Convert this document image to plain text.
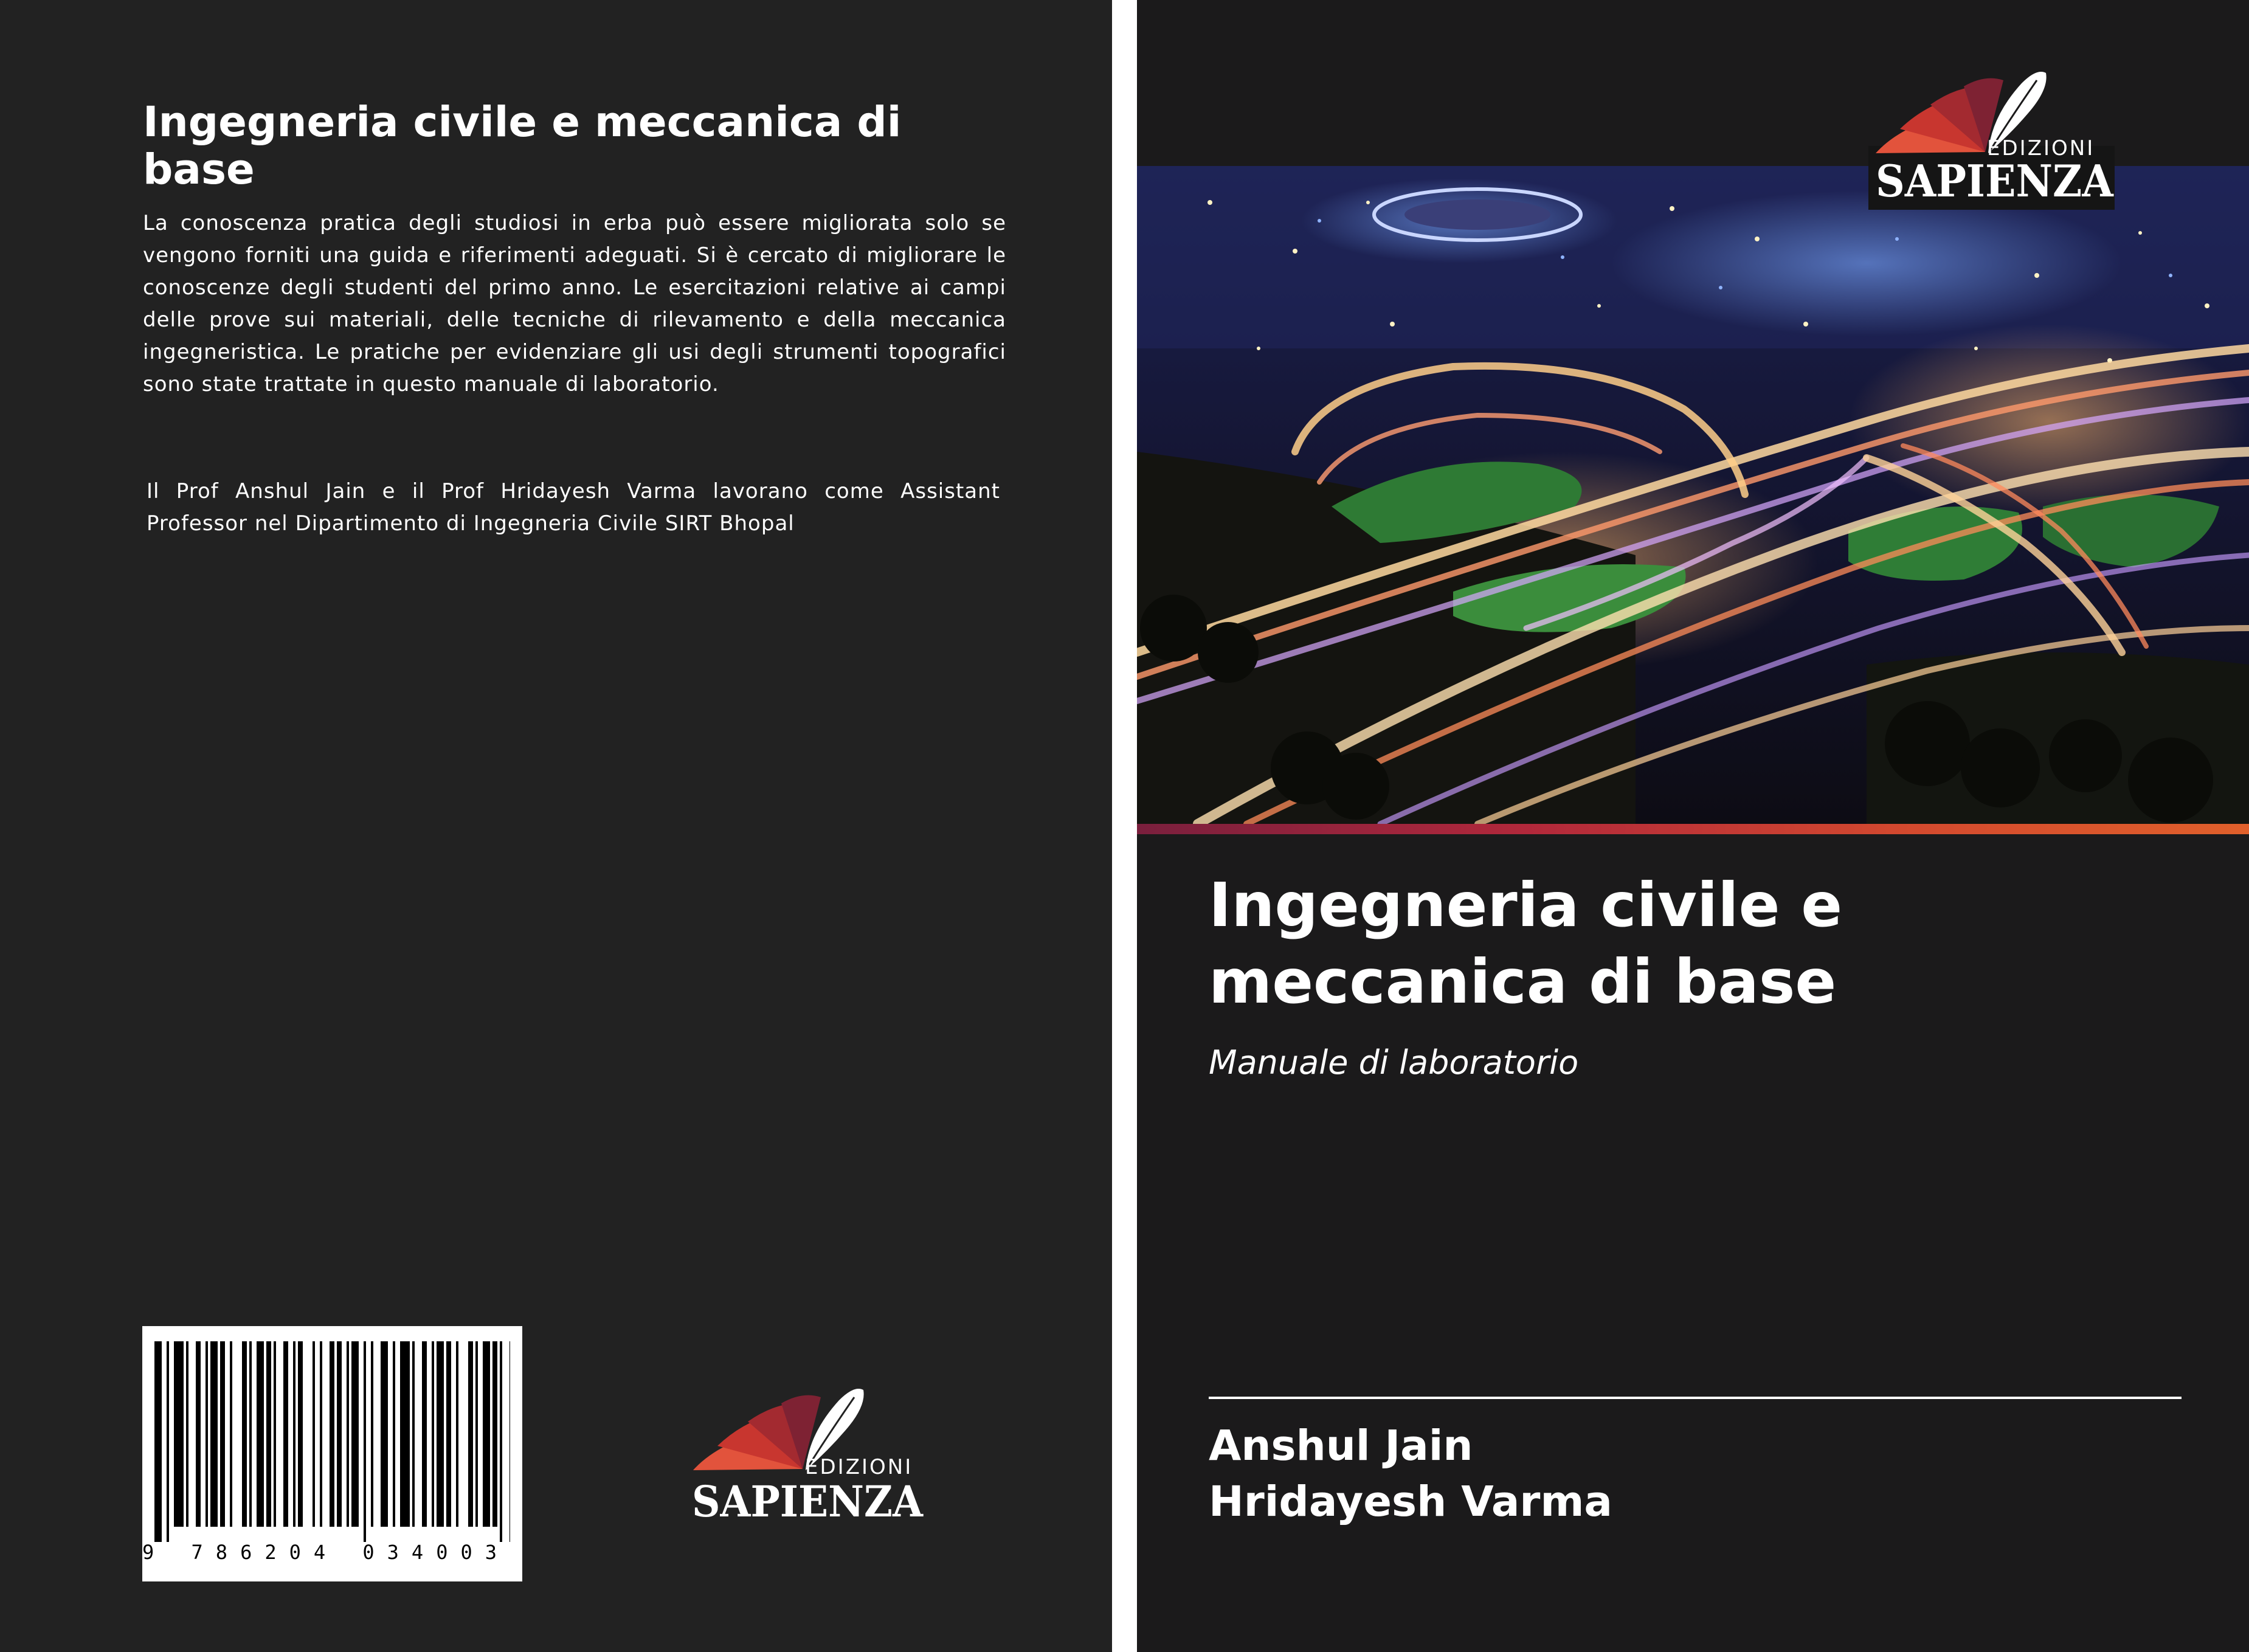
Ingegneria civile e meccanica di base

La conoscenza pratica degli studiosi in erba può essere migliorata solo se vengono forniti una guida e riferimenti adeguati. Si è cercato di migliorare le conoscenze degli studenti del primo anno. Le esercitazioni relative ai campi delle prove sui materiali, delle tecniche di rilevamento e della meccanica ingegneristica. Le pratiche per evidenziare gli usi degli strumenti topografici sono state trattate in questo manuale di laboratorio.

Il Prof Anshul Jain e il Prof Hridayesh Varma lavorano come Assistant Professor nel Dipartimento di Ingegneria Civile SIRT Bhopal

9 786204 034003
EDIZIONI
SAPIENZA
EDIZIONI
SAPIENZA
Ingegneria civile e meccanica di base

Manuale di laboratorio

Anshul Jain

Hridayesh Varma
